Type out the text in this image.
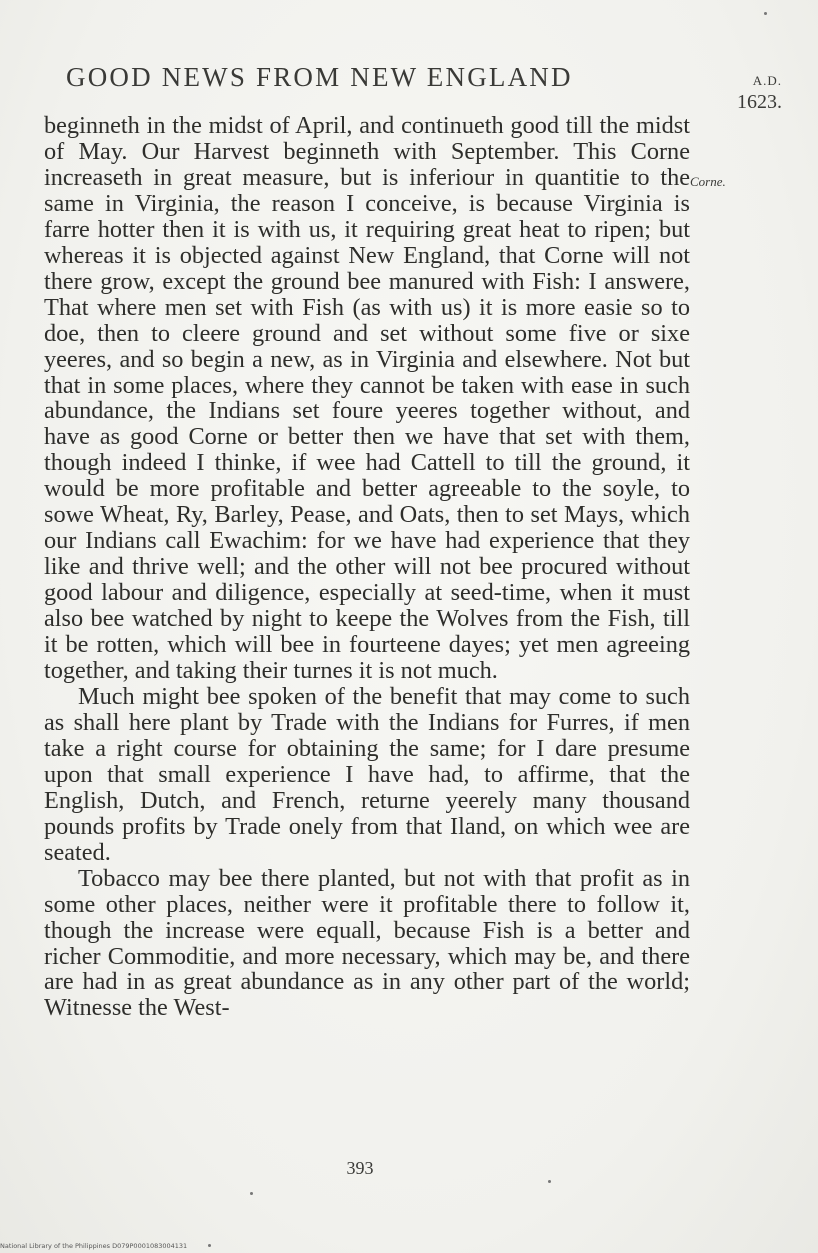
GOOD NEWS FROM NEW ENGLAND	A.D.
1623.
Corne.

beginneth in the midst of April, and continueth good till the midst of May. Our Harvest beginneth with September. This Corne increaseth in great measure, but is inferiour in quantitie to the same in Virginia, the reason I conceive, is because Virginia is farre hotter then it is with us, it requiring great heat to ripen; but whereas it is objected against New England, that Corne will not there grow, except the ground bee manured with Fish: I answere, That where men set with Fish (as with us) it is more easie so to doe, then to cleere ground and set without some five or sixe yeeres, and so begin a new, as in Virginia and elsewhere. Not but that in some places, where they cannot be taken with ease in such abundance, the Indians set foure yeeres together without, and have as good Corne or better then we have that set with them, though indeed I thinke, if wee had Cattell to till the ground, it would be more profitable and better agreeable to the soyle, to sowe Wheat, Ry, Barley, Pease, and Oats, then to set Mays, which our Indians call Ewachim: for we have had experience that they like and thrive well; and the other will not bee procured without good labour and diligence, especially at seed-time, when it must also bee watched by night to keepe the Wolves from the Fish, till it be rotten, which will bee in fourteene dayes; yet men agreeing together, and taking their turnes it is not much.

Much might bee spoken of the benefit that may come to such as shall here plant by Trade with the Indians for Furres, if men take a right course for obtaining the same; for I dare presume upon that small experience I have had, to affirme, that the English, Dutch, and French, returne yeerely many thousand pounds profits by Trade onely from that Iland, on which wee are seated.

Tobacco may bee there planted, but not with that profit as in some other places, neither were it profitable there to follow it, though the increase were equall, because Fish is a better and richer Commoditie, and more necessary, which may be, and there are had in as great abundance as in any other part of the world; Witnesse the West-

393
National Library of the Philippines D079P0001083004131
